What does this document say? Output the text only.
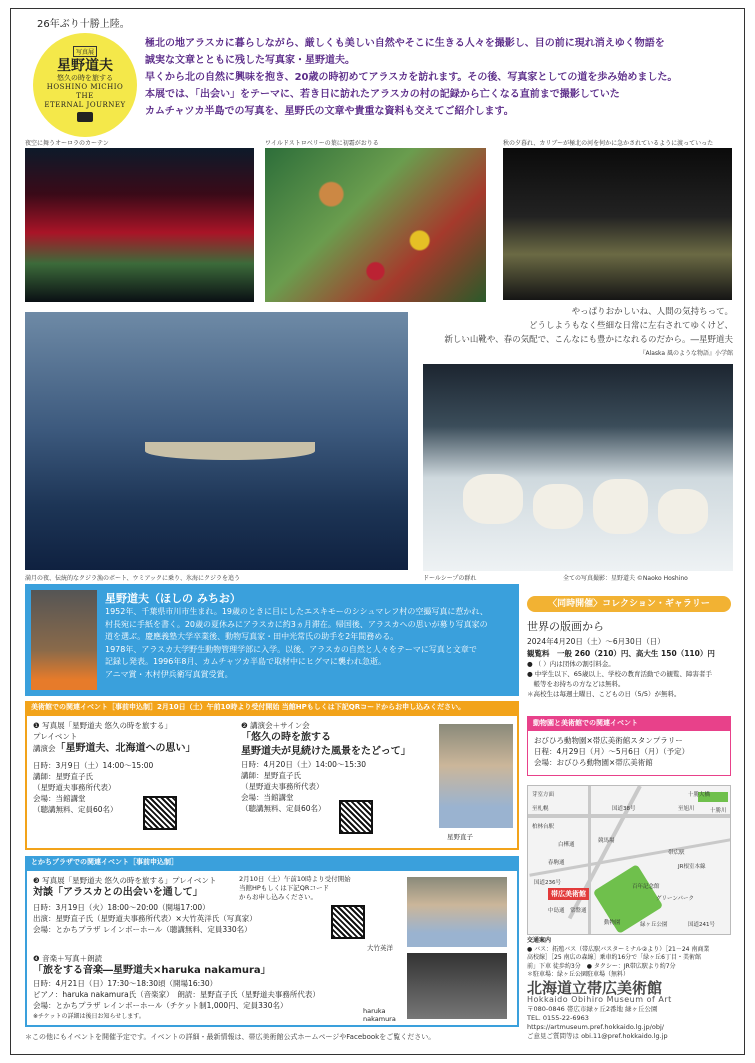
26年ぶり十勝上陸。
写真展
星野道夫
悠久の時を旅する
HOSHINO MICHIO
THE
ETERNAL JOURNEY
極北の地アラスカに暮らしながら、厳しくも美しい自然やそこに生きる人々を撮影し、目の前に現れ消えゆく物語を
誠実な文章とともに残した写真家・星野道夫。
早くから北の自然に興味を抱き、20歳の時初めてアラスカを訪れます。その後、写真家としての道を歩み始めました。
本展では、「出会い」をテーマに、若き日に訪れたアラスカの村の記録から亡くなる直前まで撮影していた
カムチャツカ半島での写真を、星野氏の文章や貴重な資料も交えてご紹介します。
夜空に舞うオーロラのカーテン	ワイルドストロベリーの葉に初霜がおりる	秋の夕暮れ、カリブーが極北の河を何かに急かされているように渡っていった
やっぱりおかしいね、人間の気持ちって。
どうしようもなく些細な日常に左右されてゆくけど、
新しい山靴や、春の気配で、こんなにも豊かになれるのだから。―星野道夫
『Alaska 風のような物語』小学館
満月の夜、伝統的なクジラ漁のボート、ウミアックに乗り、氷海にクジラを追う	ドールシープの群れ	全ての写真撮影：星野道夫 ©Naoko Hoshino
星野道夫（ほしの みちお）
1952年、千葉県市川市生まれ。19歳のときに目にしたエスキモーのシシュマレフ村の空撮写真に惹かれ、
村長宛に手紙を書く。20歳の夏休みにアラスカに約3ヵ月滞在。帰国後、アラスカへの思いが募り写真家の
道を選ぶ。慶應義塾大学卒業後、動物写真家・田中光常氏の助手を2年間務める。
1978年、アラスカ大学野生動物管理学部に入学。以後、アラスカの自然と人々をテーマに写真と文章で
記録し発表。1996年8月、カムチャツカ半島で取材中にヒグマに襲われ急逝。
アニマ賞・木村伊兵衛写真賞受賞。
〈同時開催〉コレクション・ギャラリー
世界の版画から
2024年4月20日（土）～6月30日（日）
観覧料　一般 260（210）円、高大生 150（110）円
● （ ）内は団体の割引料金。
● 中学生以下、65歳以上、学校の教育活動での観覧、障害者手
　帳等をお持ちの方などは無料。
＊高校生は毎週土曜日、こどもの日（5/5）が無料。
美術館での関連イベント［事前申込制］2月10日（土）午前10時より受付開始 当館HPもしくは下記QRコードからお申し込みください。
❶ 写真展「星野道夫 悠久の時を旅する」
プレイベント
講演会「星野道夫、北海道への思い」
日時：3月9日（土）14:00～15:00
講師：星野直子氏
（星野道夫事務所代表）
会場：当館講堂
（聴講無料、定員60名）
❷ 講演会＋サイン会
「悠久の時を旅する
星野道夫が見続けた風景をたどって」
日時：4月20日（土）14:00～15:30
講師：星野直子氏
（星野道夫事務所代表）
会場：当館講堂
（聴講無料、定員60名）
星野直子
とかちプラザでの関連イベント［事前申込制］
2月10日（土）午前10時より受付開始
当館HPもしくは下記QRコード
からお申し込みください。
❸ 写真展「星野道夫 悠久の時を旅する」プレイベント
対談「アラスカとの出会いを通して」
日時：3月19日（火）18:00～20:00（開場17:00）
出演：星野直子氏（星野道夫事務所代表）×大竹英洋氏（写真家）
会場：とかちプラザ レインボーホール（聴講無料、定員330名）
大竹英洋
❹ 音楽＋写真＋朗読
「旅をする音楽―星野道夫×haruka nakamura」
日時：4月21日（日）17:30～18:30頃（開場16:30）
ピアノ：haruka nakamura氏（音楽家）　朗読：星野直子氏（星野道夫事務所代表）
会場：とかちプラザ レインボーホール（チケット制1,000円、定員330名）
※チケットの詳細は後日お知らせします。
haruka
nakamura
動物園と美術館での関連イベント
おびひろ動物園×帯広美術館スタンプラリー
日程：4月29日（月）～5月6日（月）（予定）
会場：おびひろ動物園×帯広美術館
芽室方面
至札幌	国道38号	至旭川
十勝大橋
十勝川
柏林台駅
白樺通
競馬場
帯広駅
JR根室本線
春駒通
国道236号
中島通 常盤通
緑ヶ丘公園
グリーンパーク
動物園
百年記念館
国道241号
帯広美術館
交通案内
● バス：拓殖バス（帯広駅バスターミナル②より）［21－24 南商業
高校線］［25 南広の森線］乗車約16分で「緑ヶ丘6丁目・美術館
前」下車 徒歩約3分　● タクシー：JR帯広駅より約7分
＊駐車場：緑ヶ丘公園駐車場（無料）
北海道立帯広美術館
Hokkaido Obihiro Museum of Art
〒080-0846 帯広市緑ヶ丘2番地 緑ヶ丘公園
TEL. 0155-22-6963
https://artmuseum.pref.hokkaido.lg.jp/obj/
ご意見ご質問等は obi.11@pref.hokkaido.lg.jp
＊この他にもイベントを開催予定です。イベントの詳細・最新情報は、帯広美術館公式ホームページやFacebookをご覧ください。
